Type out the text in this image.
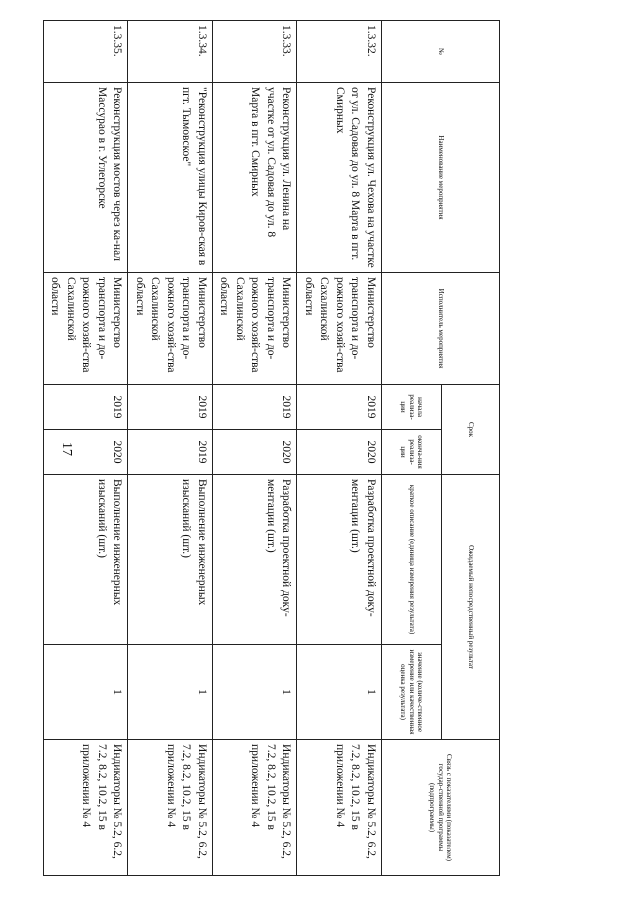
17
№	Наименование мероприятия	Исполнитель мероприятия	Срок		Ожидаемый непосредственный результат		Связь с показателями (показателем) государ-ственной программы (подпрограммы)
			начала реализа-ции	оконча-ния реализа-ции	краткое описание (единица измерения результата)	значение (количе-ственное измерение или качественная оценка результата)	
1.3.32.	Реконструкция ул. Чехова на участке от ул. Садовая до ул. 8 Марта в пгт. Смирных	Министерство транспорта и до-рожного хозяй-ства Сахалинской области	2019	2020	Разработка проектной доку-ментации (шт.)	1	Индикаторы № 5.2, 6.2, 7.2, 8.2, 10.2, 15 в приложении № 4
1.3.33.	Реконструкция ул. Ленина на участке от ул. Садовая до ул. 8 Марта в пгт. Смирных	Министерство транспорта и до-рожного хозяй-ства Сахалинской области	2019	2020	Разработка проектной доку-ментации (шт.)	1	Индикаторы № 5.2, 6.2, 7.2, 8.2, 10.2, 15 в приложении № 4
1.3.34.	"Реконструкция улицы Киров-ская в пгт. Тымовское"	Министерство транспорта и до-рожного хозяй-ства Сахалинской области	2019	2019	Выполнение инженерных изысканий (шт.)	1	Индикаторы № 5.2, 6.2, 7.2, 8.2, 10.2, 15 в приложении № 4
1.3.35.	Реконструкция мостов через ка-нал Массурао в г. Углегорске	Министерство транспорта и до-рожного хозяй-ства Сахалинской области	2019	2020	Выполнение инженерных изысканий (шт.)	1	Индикаторы № 5.2, 6.2, 7.2, 8.2, 10.2, 15 в приложении № 4
